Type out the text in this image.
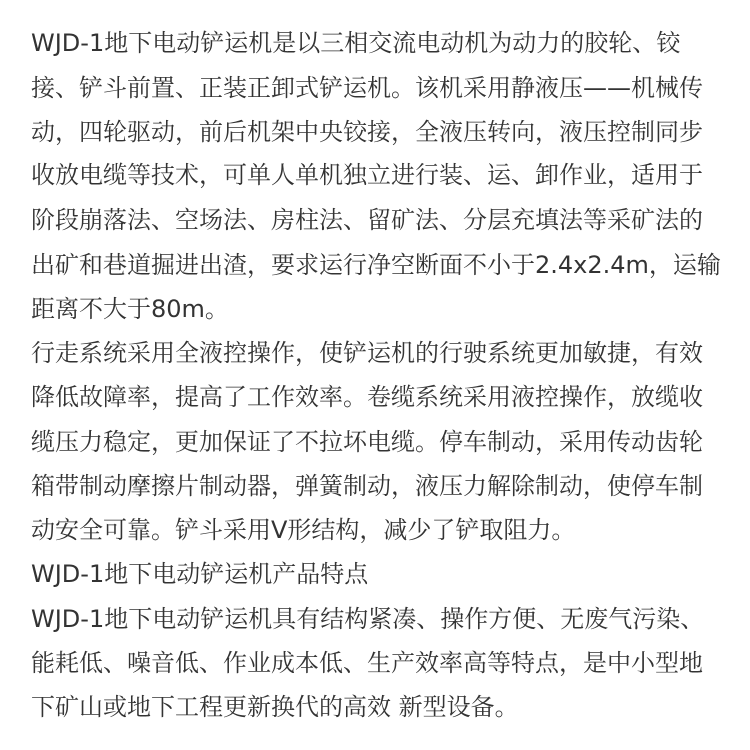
WJD-1地下电动铲运机是以三相交流电动机为动力的胶轮、铰
接、铲斗前置、正装正卸式铲运机。该机采用静液压——机械传
动，四轮驱动，前后机架中央铰接，全液压转向，液压控制同步
收放电缆等技术，可单人单机独立进行装、运、卸作业，适用于
阶段崩落法、空场法、房柱法、留矿法、分层充填法等采矿法的
出矿和巷道掘进出渣，要求运行净空断面不小于2.4x2.4m，运输
距离不大于80m。
行走系统采用全液控操作，使铲运机的行驶系统更加敏捷，有效
降低故障率，提高了工作效率。卷缆系统采用液控操作，放缆收
缆压力稳定，更加保证了不拉坏电缆。停车制动，采用传动齿轮
箱带制动摩擦片制动器，弹簧制动，液压力解除制动，使停车制
动安全可靠。铲斗采用V形结构，减少了铲取阻力。
WJD-1地下电动铲运机产品特点
WJD-1地下电动铲运机具有结构紧凑、操作方便、无废气污染、
能耗低、噪音低、作业成本低、生产效率高等特点，是中小型地
下矿山或地下工程更新换代的高效 新型设备。
